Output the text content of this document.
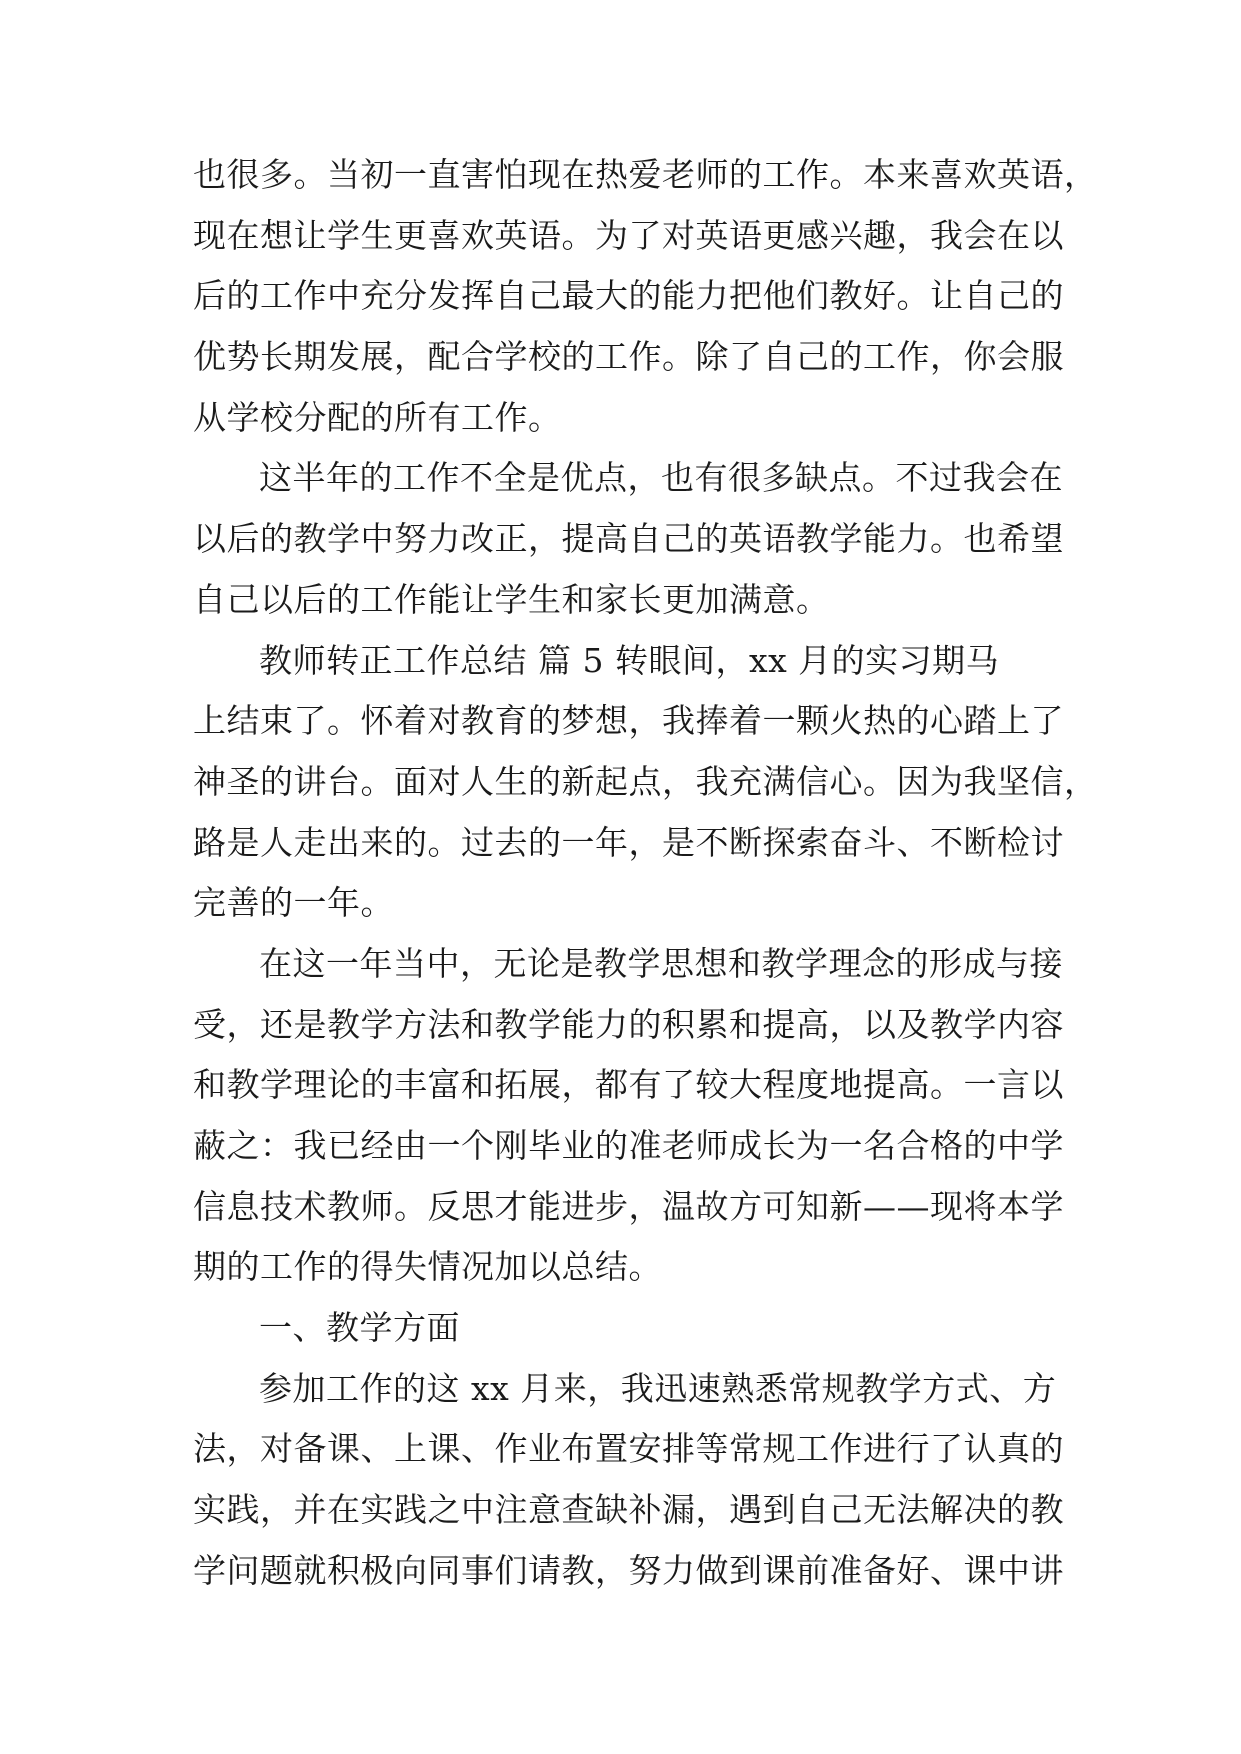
也很多。当初一直害怕现在热爱老师的工作。本来喜欢英语，
现在想让学生更喜欢英语。为了对英语更感兴趣，我会在以
后的工作中充分发挥自己最大的能力把他们教好。让自己的
优势长期发展，配合学校的工作。除了自己的工作，你会服
从学校分配的所有工作。
这半年的工作不全是优点，也有很多缺点。不过我会在
以后的教学中努力改正，提高自己的英语教学能力。也希望
自己以后的工作能让学生和家长更加满意。
教师转正工作总结 篇 5 转眼间，xx 月的实习期马
上结束了。怀着对教育的梦想，我捧着一颗火热的心踏上了
神圣的讲台。面对人生的新起点，我充满信心。因为我坚信，
路是人走出来的。过去的一年，是不断探索奋斗、不断检讨
完善的一年。
在这一年当中，无论是教学思想和教学理念的形成与接
受，还是教学方法和教学能力的积累和提高，以及教学内容
和教学理论的丰富和拓展，都有了较大程度地提高。一言以
蔽之：我已经由一个刚毕业的准老师成长为一名合格的中学
信息技术教师。反思才能进步，温故方可知新——现将本学
期的工作的得失情况加以总结。
一、教学方面
参加工作的这 xx 月来，我迅速熟悉常规教学方式、方
法，对备课、上课、作业布置安排等常规工作进行了认真的
实践，并在实践之中注意查缺补漏，遇到自己无法解决的教
学问题就积极向同事们请教，努力做到课前准备好、课中讲
